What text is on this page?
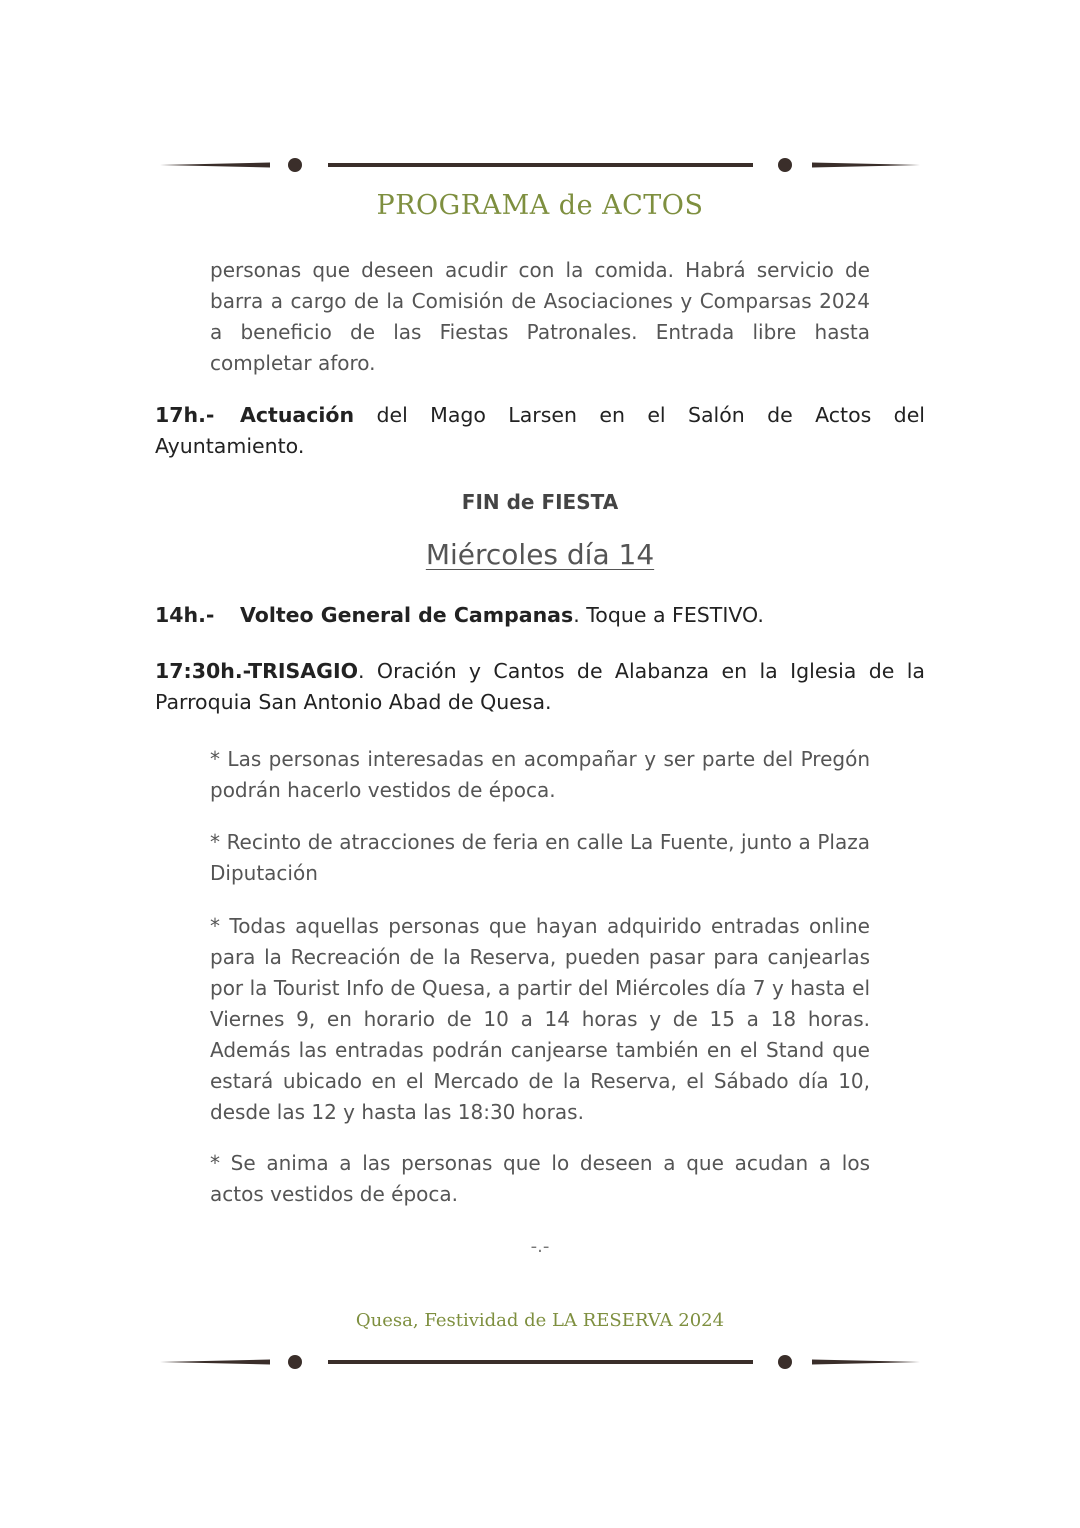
PROGRAMA de ACTOS
personas que deseen acudir con la comida. Habrá servicio de barra a cargo de la Comisión de Asociaciones y Comparsas 2024 a beneficio de las Fiestas Patronales. Entrada libre hasta completar aforo.
17h.- Actuación del Mago Larsen en el Salón de Actos del Ayuntamiento.
FIN de FIESTA
Miércoles día 14
14h.- Volteo General de Campanas. Toque a FESTIVO.
17:30h.-TRISAGIO. Oración y Cantos de Alabanza en la Iglesia de la Parroquia San Antonio Abad de Quesa.
* Las personas interesadas en acompañar y ser parte del Pregón podrán hacerlo vestidos de época.
* Recinto de atracciones de feria en calle La Fuente, junto a Plaza Diputación
* Todas aquellas personas que hayan adquirido entradas online para la Recreación de la Reserva, pueden pasar para canjearlas por la Tourist Info de Quesa, a partir del Miércoles día 7 y hasta el Viernes 9, en horario de 10 a 14 horas y de 15 a 18 horas. Además las entradas podrán canjearse también en el Stand que estará ubicado en el Mercado de la Reserva, el Sábado día 10, desde las 12 y hasta las 18:30 horas.
* Se anima a las personas que lo deseen a que acudan a los actos vestidos de época.
-.-
Quesa, Festividad de LA RESERVA 2024
